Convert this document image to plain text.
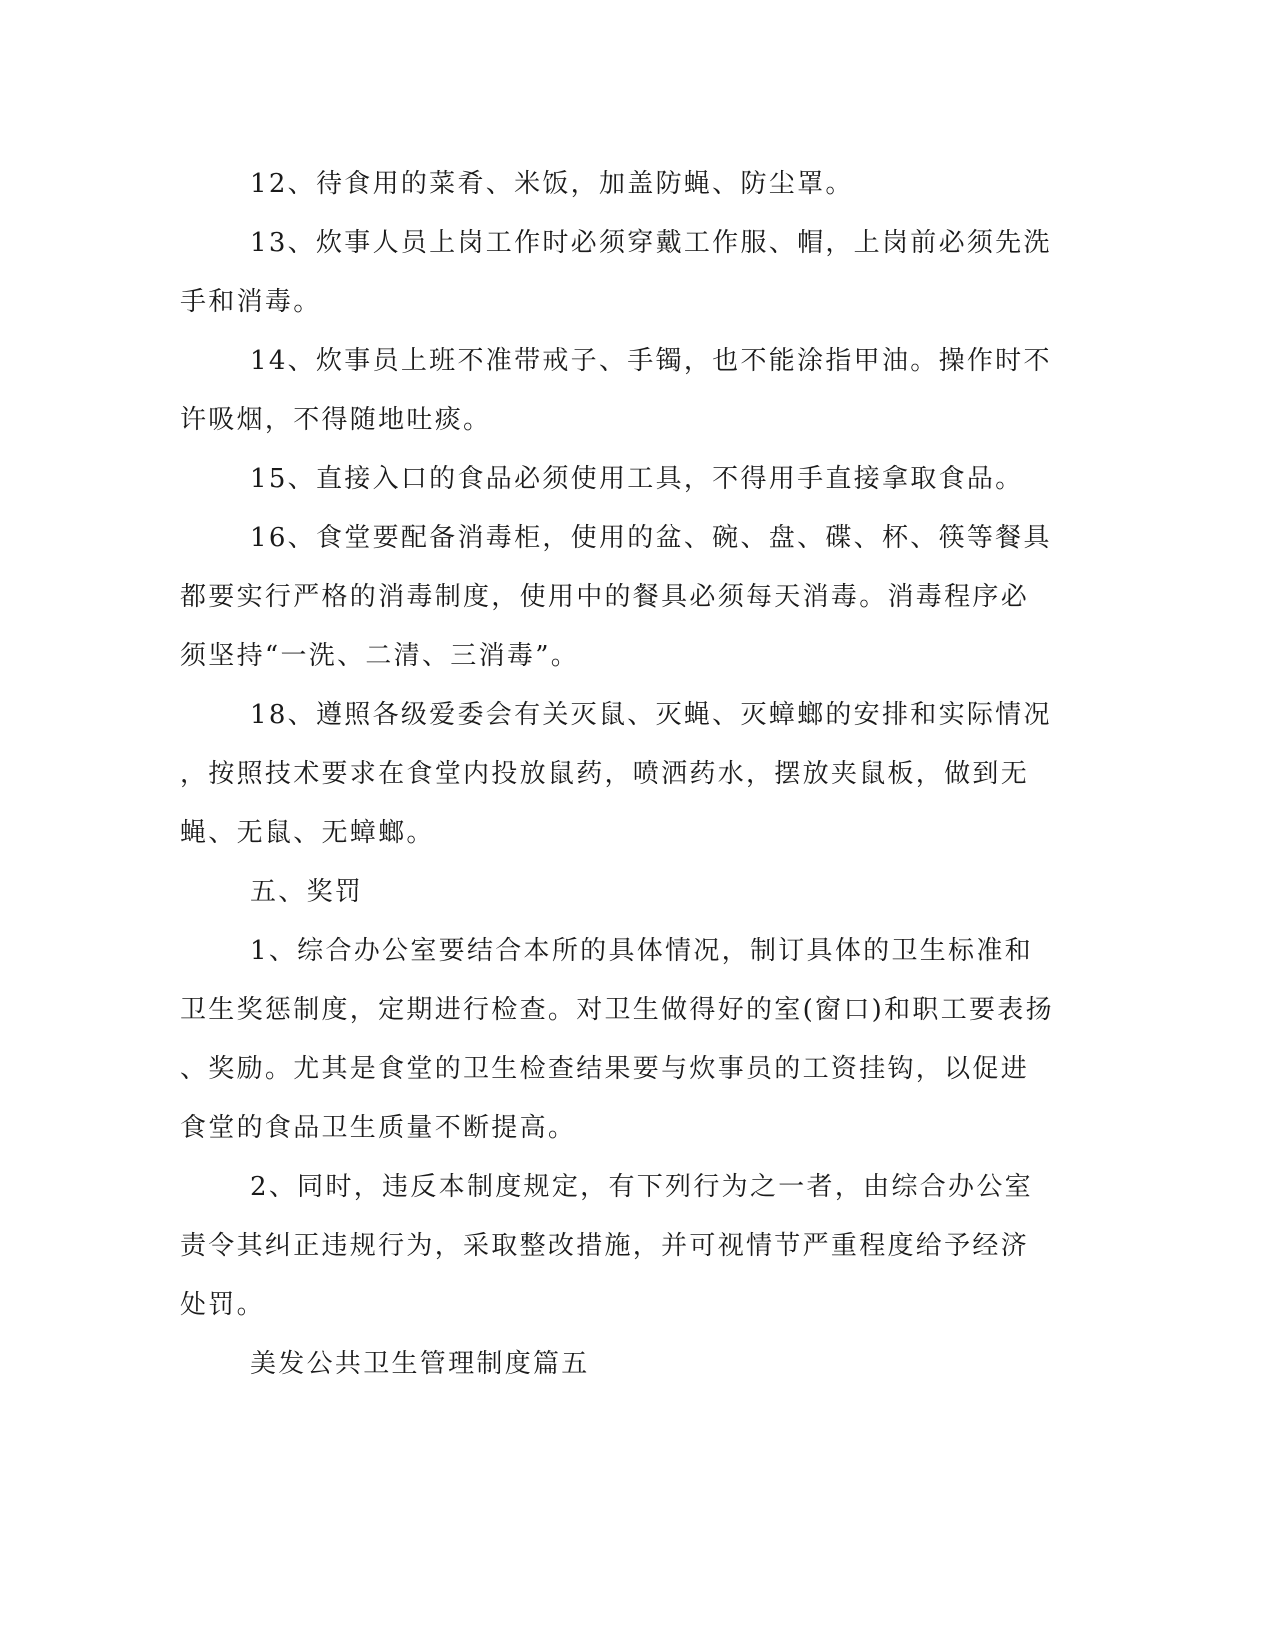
12、待食用的菜肴、米饭，加盖防蝇、防尘罩。
13、炊事人员上岗工作时必须穿戴工作服、帽，上岗前必须先洗
手和消毒。
14、炊事员上班不准带戒子、手镯，也不能涂指甲油。操作时不
许吸烟，不得随地吐痰。
15、直接入口的食品必须使用工具，不得用手直接拿取食品。
16、食堂要配备消毒柜，使用的盆、碗、盘、碟、杯、筷等餐具
都要实行严格的消毒制度，使用中的餐具必须每天消毒。消毒程序必
须坚持“一洗、二清、三消毒”。
18、遵照各级爱委会有关灭鼠、灭蝇、灭蟑螂的安排和实际情况
，按照技术要求在食堂内投放鼠药，喷洒药水，摆放夹鼠板，做到无
蝇、无鼠、无蟑螂。
五、奖罚
1、综合办公室要结合本所的具体情况，制订具体的卫生标准和
卫生奖惩制度，定期进行检查。对卫生做得好的室(窗口)和职工要表扬
、奖励。尤其是食堂的卫生检查结果要与炊事员的工资挂钩，以促进
食堂的食品卫生质量不断提高。
2、同时，违反本制度规定，有下列行为之一者，由综合办公室
责令其纠正违规行为，采取整改措施，并可视情节严重程度给予经济
处罚。
美发公共卫生管理制度篇五
